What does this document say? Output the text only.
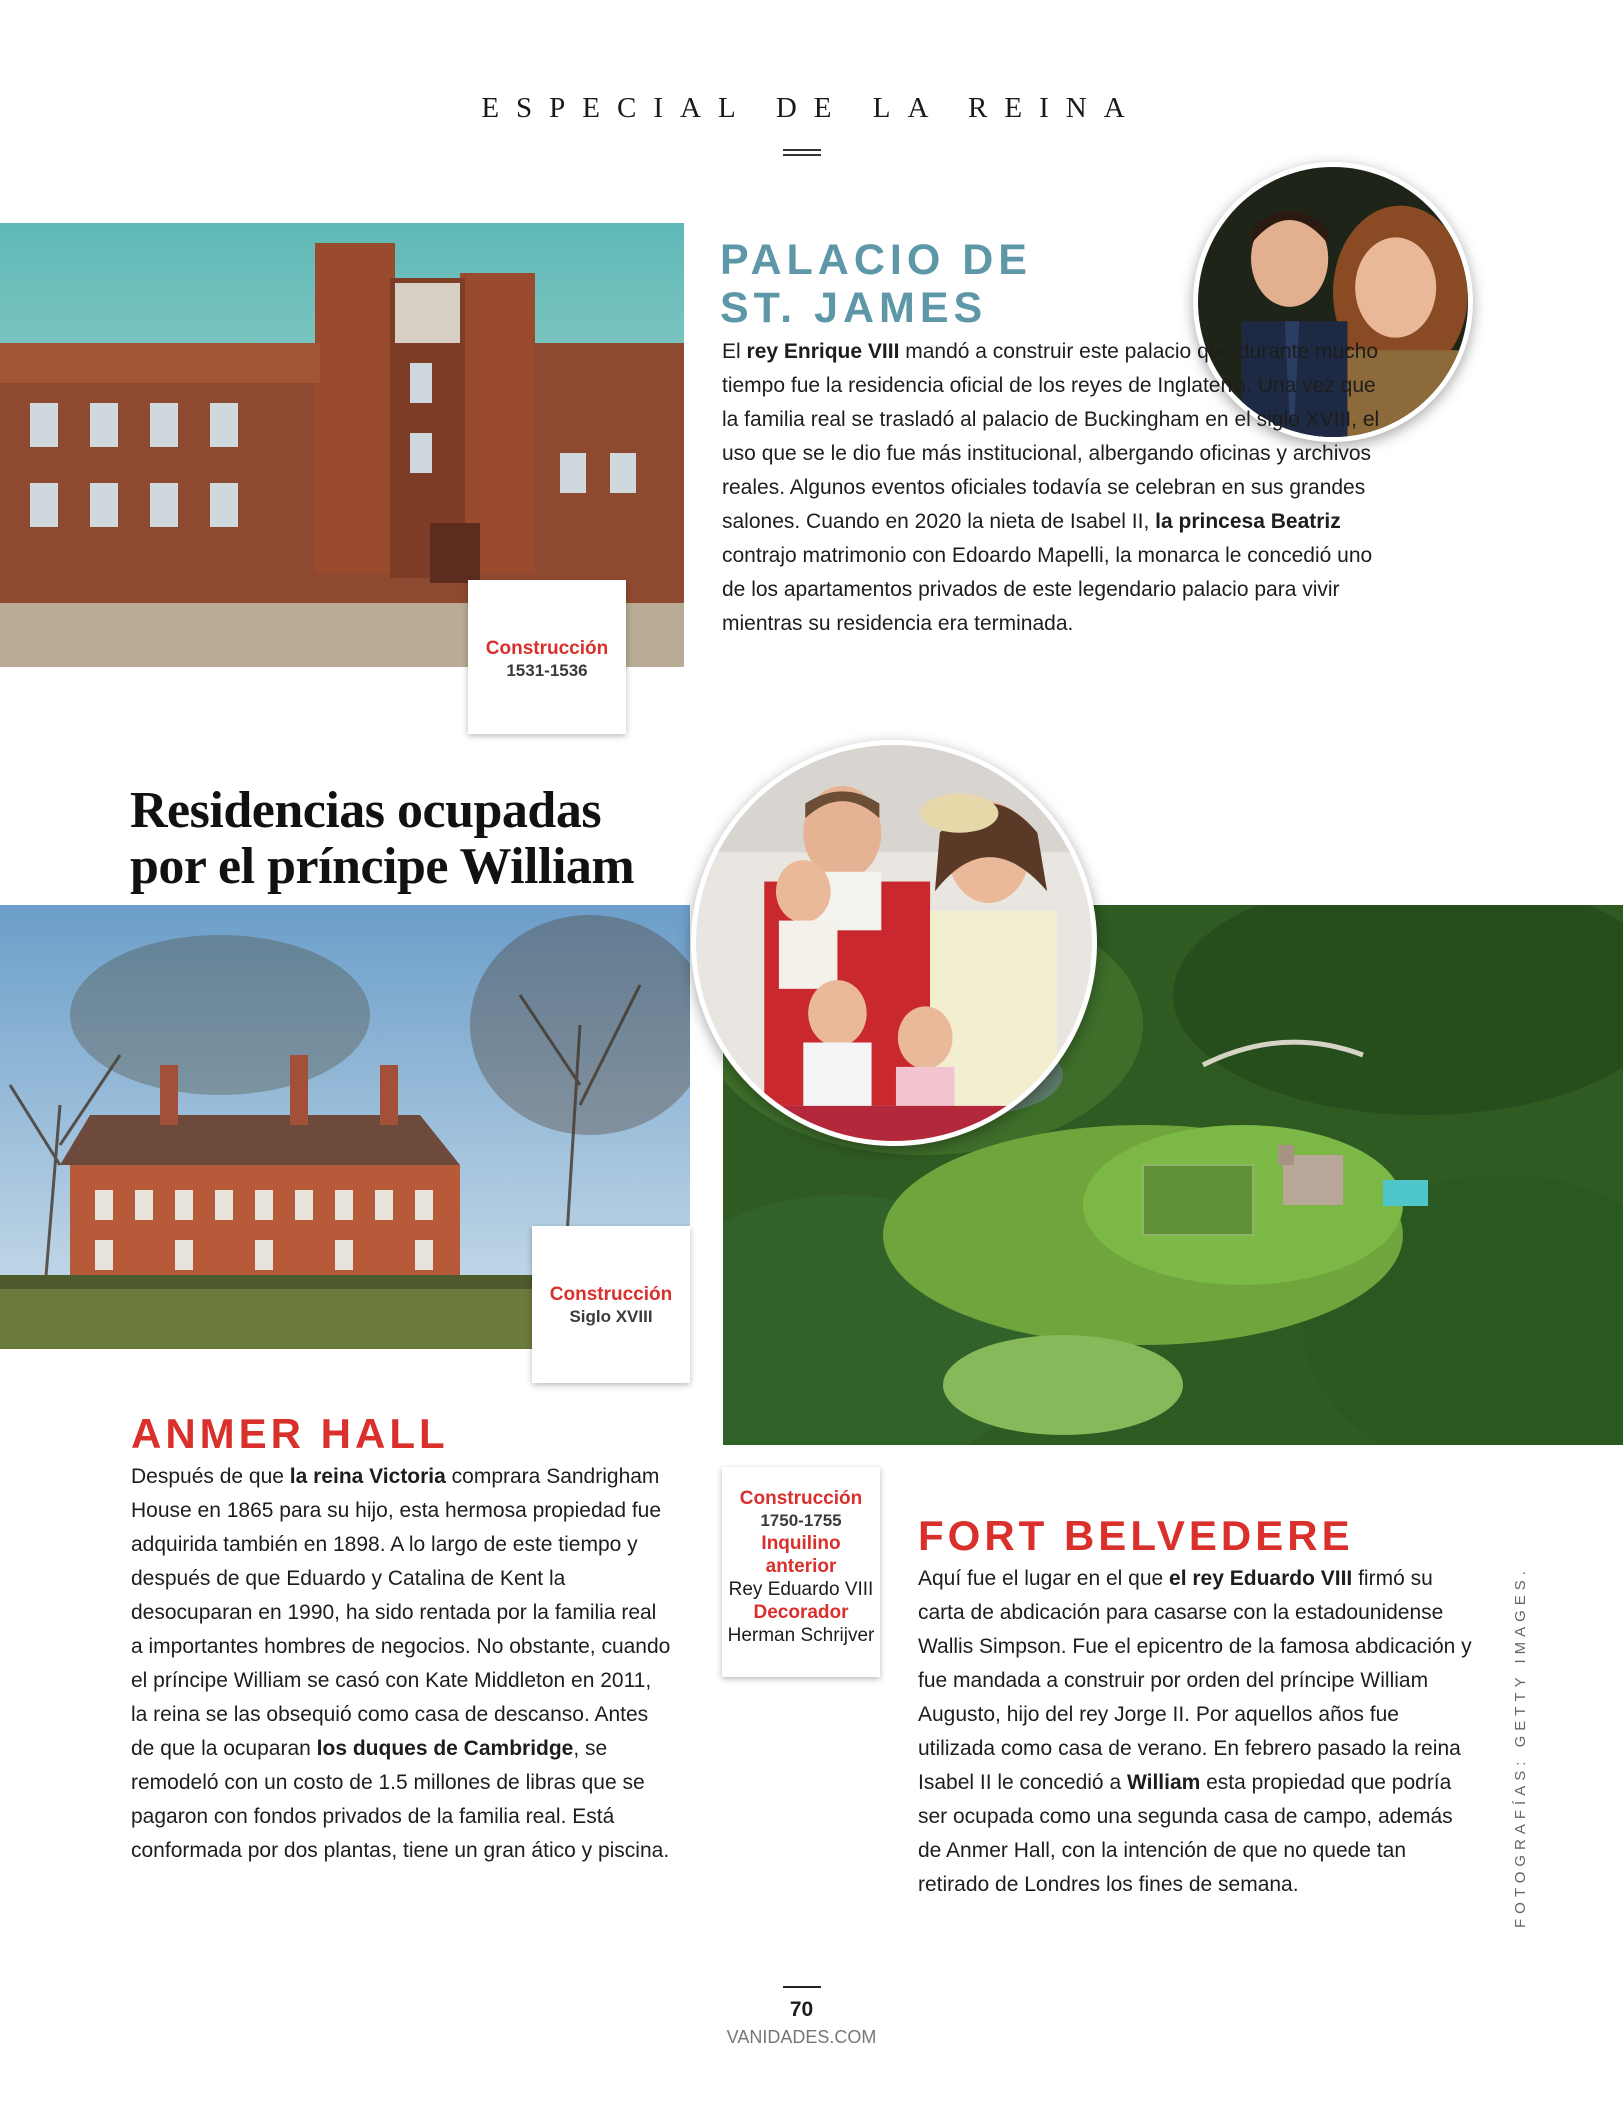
ESPECIAL DE LA REINA
Construcción
1531-1536
PALACIO DE
ST. JAMES

El rey Enrique VIII mandó a construir este palacio que durante mucho tiempo fue la residencia oficial de los reyes de Inglaterra. Una vez que la familia real se trasladó al palacio de Buckingham en el siglo XVIII, el uso que se le dio fue más institucional, albergando oficinas y archivos reales. Algunos eventos oficiales todavía se celebran en sus grandes salones. Cuando en 2020 la nieta de Isabel II, la princesa Beatriz contrajo matrimonio con Edoardo Mapelli, la monarca le concedió uno de los apartamentos privados de este legendario palacio para vivir mientras su residencia era terminada.

Residencias ocupadas
por el príncipe William
Construcción
Siglo XVIII
Construcción
1750-1755
Inquilino
anterior
Rey Eduardo VIII
Decorador
Herman Schrijver
ANMER HALL

Después de que la reina Victoria comprara Sandrigham House en 1865 para su hijo, esta hermosa propiedad fue adquirida también en 1898. A lo largo de este tiempo y después de que Eduardo y Catalina de Kent la desocuparan en 1990, ha sido rentada por la familia real a importantes hombres de negocios. No obstante, cuando el príncipe William se casó con Kate Middleton en 2011, la reina se las obsequió como casa de descanso. Antes de que la ocuparan los duques de Cambridge, se remodeló con un costo de 1.5 millones de libras que se pagaron con fondos privados de la familia real. Está conformada por dos plantas, tiene un gran ático y piscina.

FORT BELVEDERE

Aquí fue el lugar en el que el rey Eduardo VIII firmó su carta de abdicación para casarse con la estadounidense Wallis Simpson. Fue el epicentro de la famosa abdicación y fue mandada a construir por orden del príncipe William Augusto, hijo del rey Jorge II. Por aquellos años fue utilizada como casa de verano. En febrero pasado la reina Isabel II le concedió a William esta propiedad que podría ser ocupada como una segunda casa de campo, además de Anmer Hall, con la intención de que no quede tan retirado de Londres los fines de semana.	FOTOGRAFÍAS: GETTY IMAGES.
70
VANIDADES.COM
